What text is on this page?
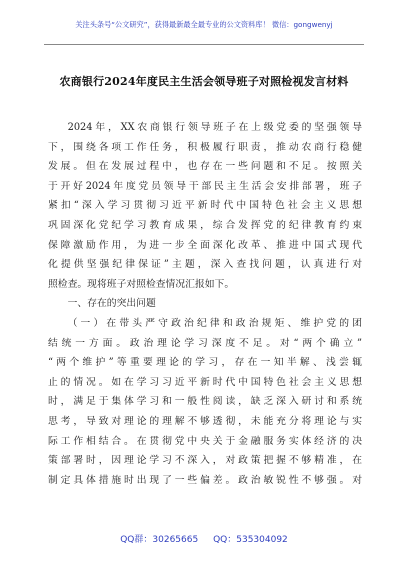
关注头条号“公文研究”，获得最新最全最专业的公文资料库！ 微信：gongwenyj
农商银行2024年度民主生活会领导班子对照检视发言材料

2024年，XX农商银行领导班子在上级党委的坚强领导
下，围绕各项工作任务，积极履行职责，推动农商行稳健
发展。但在发展过程中，也存在一些问题和不足。按照关
于开好2024年度党员领导干部民主生活会安排部署，班子
紧扣“深入学习贯彻习近平新时代中国特色社会主义思想
巩固深化党纪学习教育成果，综合发挥党的纪律教育约束
保障激励作用，为进一步全面深化改革、推进中国式现代
化提供坚强纪律保证”主题，深入查找问题，认真进行对
照检查。现将班子对照检查情况汇报如下。

一、存在的突出问题

（一）在带头严守政治纪律和政治规矩、维护党的团
结统一方面。政治理论学习深度不足。对“两个确立”
“两个维护”等重要理论的学习，存在一知半解、浅尝辄
止的情况。如在学习习近平新时代中国特色社会主义思想
时，满足于集体学习和一般性阅读，缺乏深入研讨和系统
思考，导致对理论的理解不够透彻，未能充分将理论与实
际工作相结合。在贯彻党中央关于金融服务实体经济的决
策部署时，因理论学习不深入，对政策把握不够精准，在
制定具体措施时出现了一些偏差。政治敏锐性不够强。对

QQ群：30265665 QQ：535304092
